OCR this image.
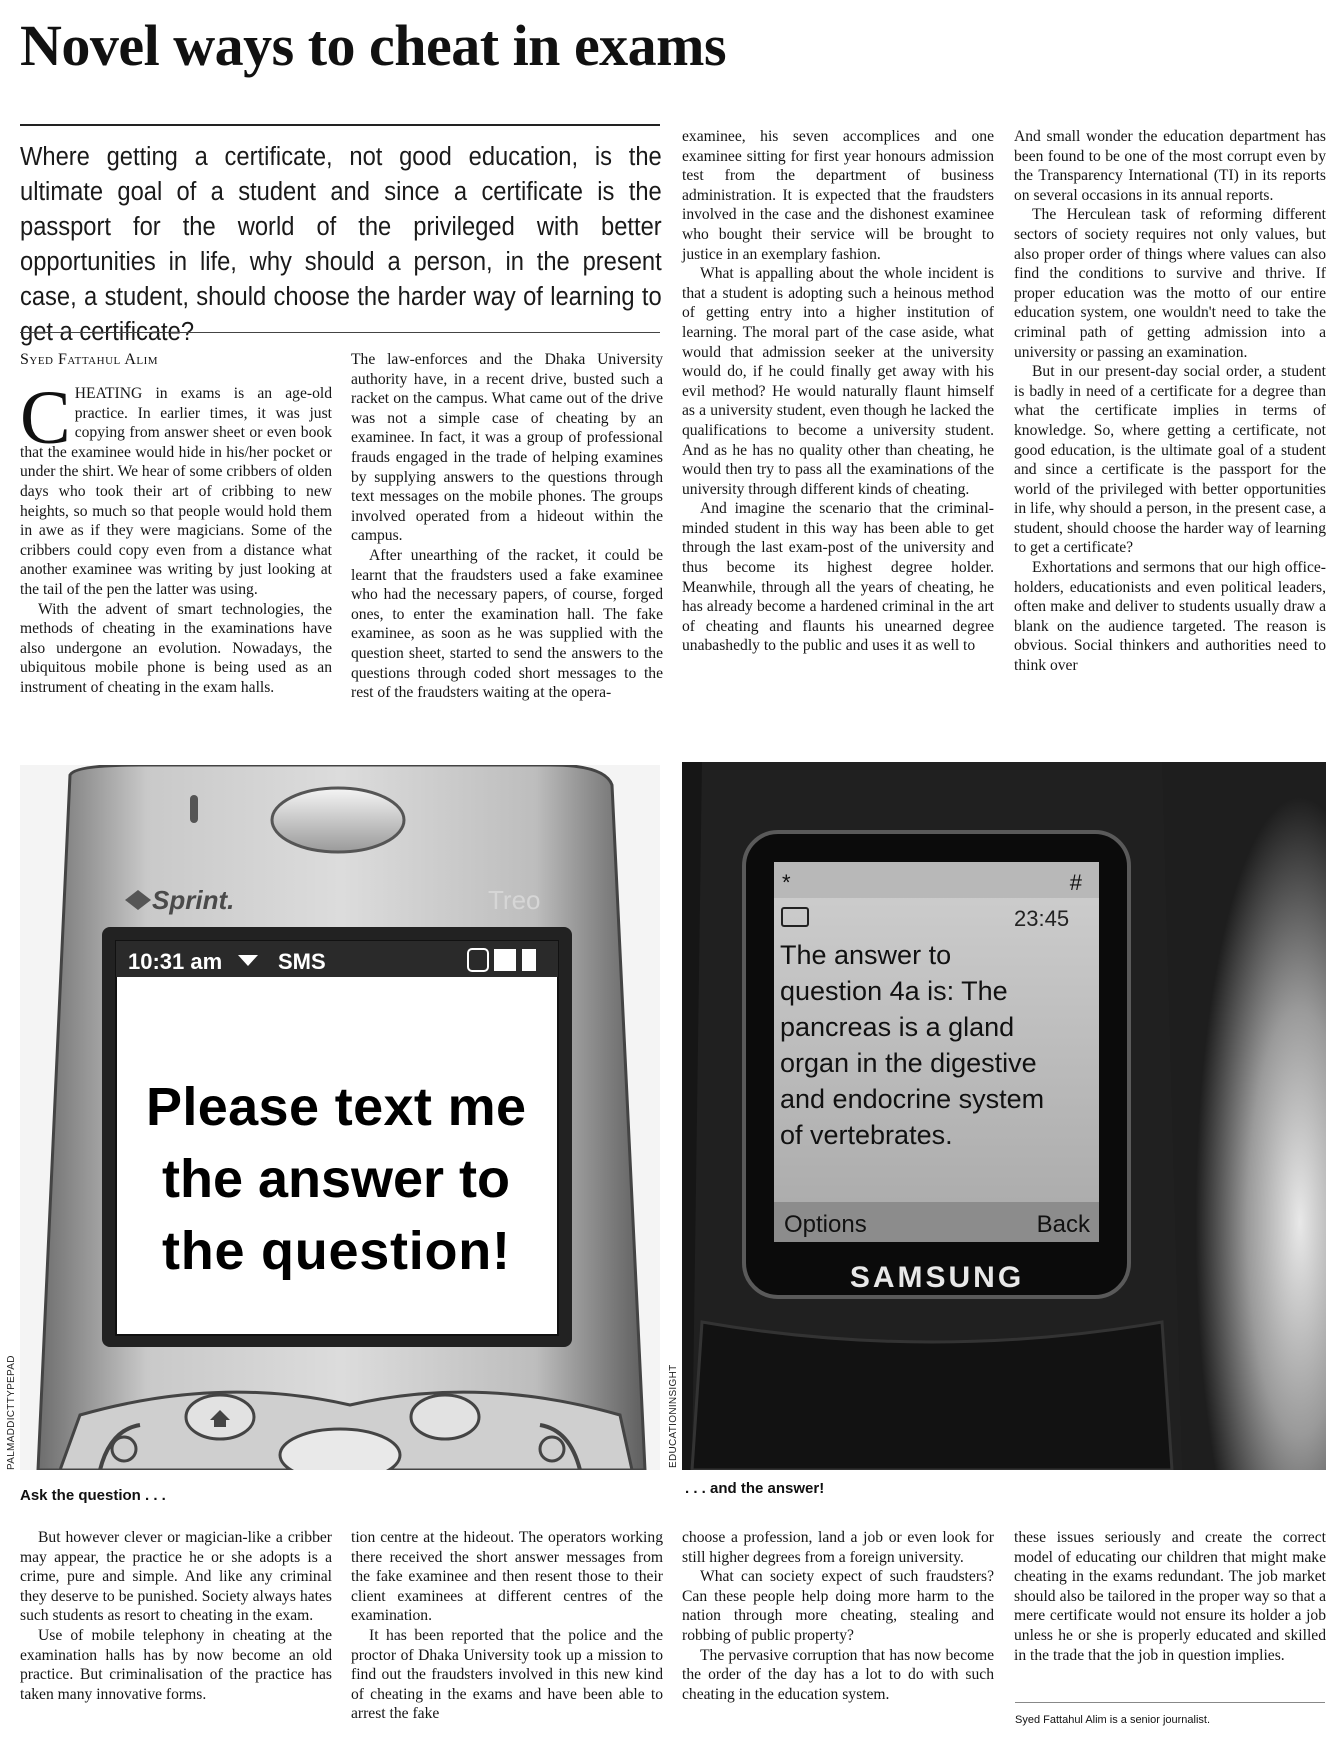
Novel ways to cheat in exams

Where getting a certificate, not good education, is the ultimate goal of a student and since a certificate is the passport for the world of the privileged with better opportunities in life, why should a person, in the present case, a student, should choose the harder way of learning to get a certificate?

Syed Fattahul Alim

CHEATING in exams is an age-old practice. In earlier times, it was just copying from answer sheet or even book that the examinee would hide in his/her pocket or under the shirt. We hear of some cribbers of olden days who took their art of cribbing to new heights, so much so that people would hold them in awe as if they were magicians. Some of the cribbers could copy even from a distance what another examinee was writing by just looking at the tail of the pen the latter was using.

With the advent of smart technologies, the methods of cheating in the examinations have also undergone an evolution. Nowadays, the ubiquitous mobile phone is being used as an instrument of cheating in the exam halls.

The law-enforces and the Dhaka University authority have, in a recent drive, busted such a racket on the campus. What came out of the drive was not a simple case of cheating by an examinee. In fact, it was a group of professional frauds engaged in the trade of helping examines by supplying answers to the questions through text messages on the mobile phones. The groups involved operated from a hideout within the campus.

After unearthing of the racket, it could be learnt that the fraudsters used a fake examinee who had the necessary papers, of course, forged ones, to enter the examination hall. The fake examinee, as soon as he was supplied with the question sheet, started to send the answers to the questions through coded short messages to the rest of the fraudsters waiting at the opera-

examinee, his seven accomplices and one examinee sitting for first year honours admission test from the department of business administration. It is expected that the fraudsters involved in the case and the dishonest examinee who bought their service will be brought to justice in an exemplary fashion.

What is appalling about the whole incident is that a student is adopting such a heinous method of getting entry into a higher institution of learning. The moral part of the case aside, what would that admission seeker at the university would do, if he could finally get away with his evil method? He would naturally flaunt himself as a university student, even though he lacked the qualifications to become a university student. And as he has no quality other than cheating, he would then try to pass all the examinations of the university through different kinds of cheating.

And imagine the scenario that the criminal-minded student in this way has been able to get through the last exam-post of the university and thus become its highest degree holder. Meanwhile, through all the years of cheating, he has already become a hardened criminal in the art of cheating and flaunts his unearned degree unabashedly to the public and uses it as well to

And small wonder the education department has been found to be one of the most corrupt even by the Transparency International (TI) in its reports on several occasions in its annual reports.

The Herculean task of reforming different sectors of society requires not only values, but also proper order of things where values can also find the conditions to survive and thrive. If proper education was the motto of our entire education system, one wouldn't need to take the criminal path of getting admission into a university or passing an examination.

But in our present-day social order, a student is badly in need of a certificate for a degree than what the certificate implies in terms of knowledge. So, where getting a certificate, not good education, is the ultimate goal of a student and since a certificate is the passport for the world of the privileged with better opportunities in life, why should a person, in the present case, a student, should choose the harder way of learning to get a certificate?

Exhortations and sermons that our high office-holders, educationists and even political leaders, often make and deliver to students usually draw a blank on the audience targeted. The reason is obvious. Social thinkers and authorities need to think over

Sprint.	Treo
10:31 am	SMS
Please text me
the answer to
the question!
PALMADDICTTYPEPAD
Ask the question . . .
*	#
23:45
The answer to
question 4a is: The
pancreas is a gland
organ in the digestive
and endocrine system
of vertebrates.
Options	Back
SAMSUNG
EDUCATIONINSIGHT
. . . and the answer!

But however clever or magician-like a cribber may appear, the practice he or she adopts is a crime, pure and simple. And like any criminal they deserve to be punished. Society always hates such students as resort to cheating in the exam.

Use of mobile telephony in cheating at the examination halls has by now become an old practice. But criminalisation of the practice has taken many innovative forms.

tion centre at the hideout. The operators working there received the short answer messages from the fake examinee and then resent those to their client examinees at different centres of the examination.

It has been reported that the police and the proctor of Dhaka University took up a mission to find out the fraudsters involved in this new kind of cheating in the exams and have been able to arrest the fake

choose a profession, land a job or even look for still higher degrees from a foreign university.

What can society expect of such fraudsters? Can these people help doing more harm to the nation through more cheating, stealing and robbing of public property?

The pervasive corruption that has now become the order of the day has a lot to do with such cheating in the education system.

these issues seriously and create the correct model of educating our children that might make cheating in the exams redundant. The job market should also be tailored in the proper way so that a mere certificate would not ensure its holder a job unless he or she is properly educated and skilled in the trade that the job in question implies.

Syed Fattahul Alim is a senior journalist.
